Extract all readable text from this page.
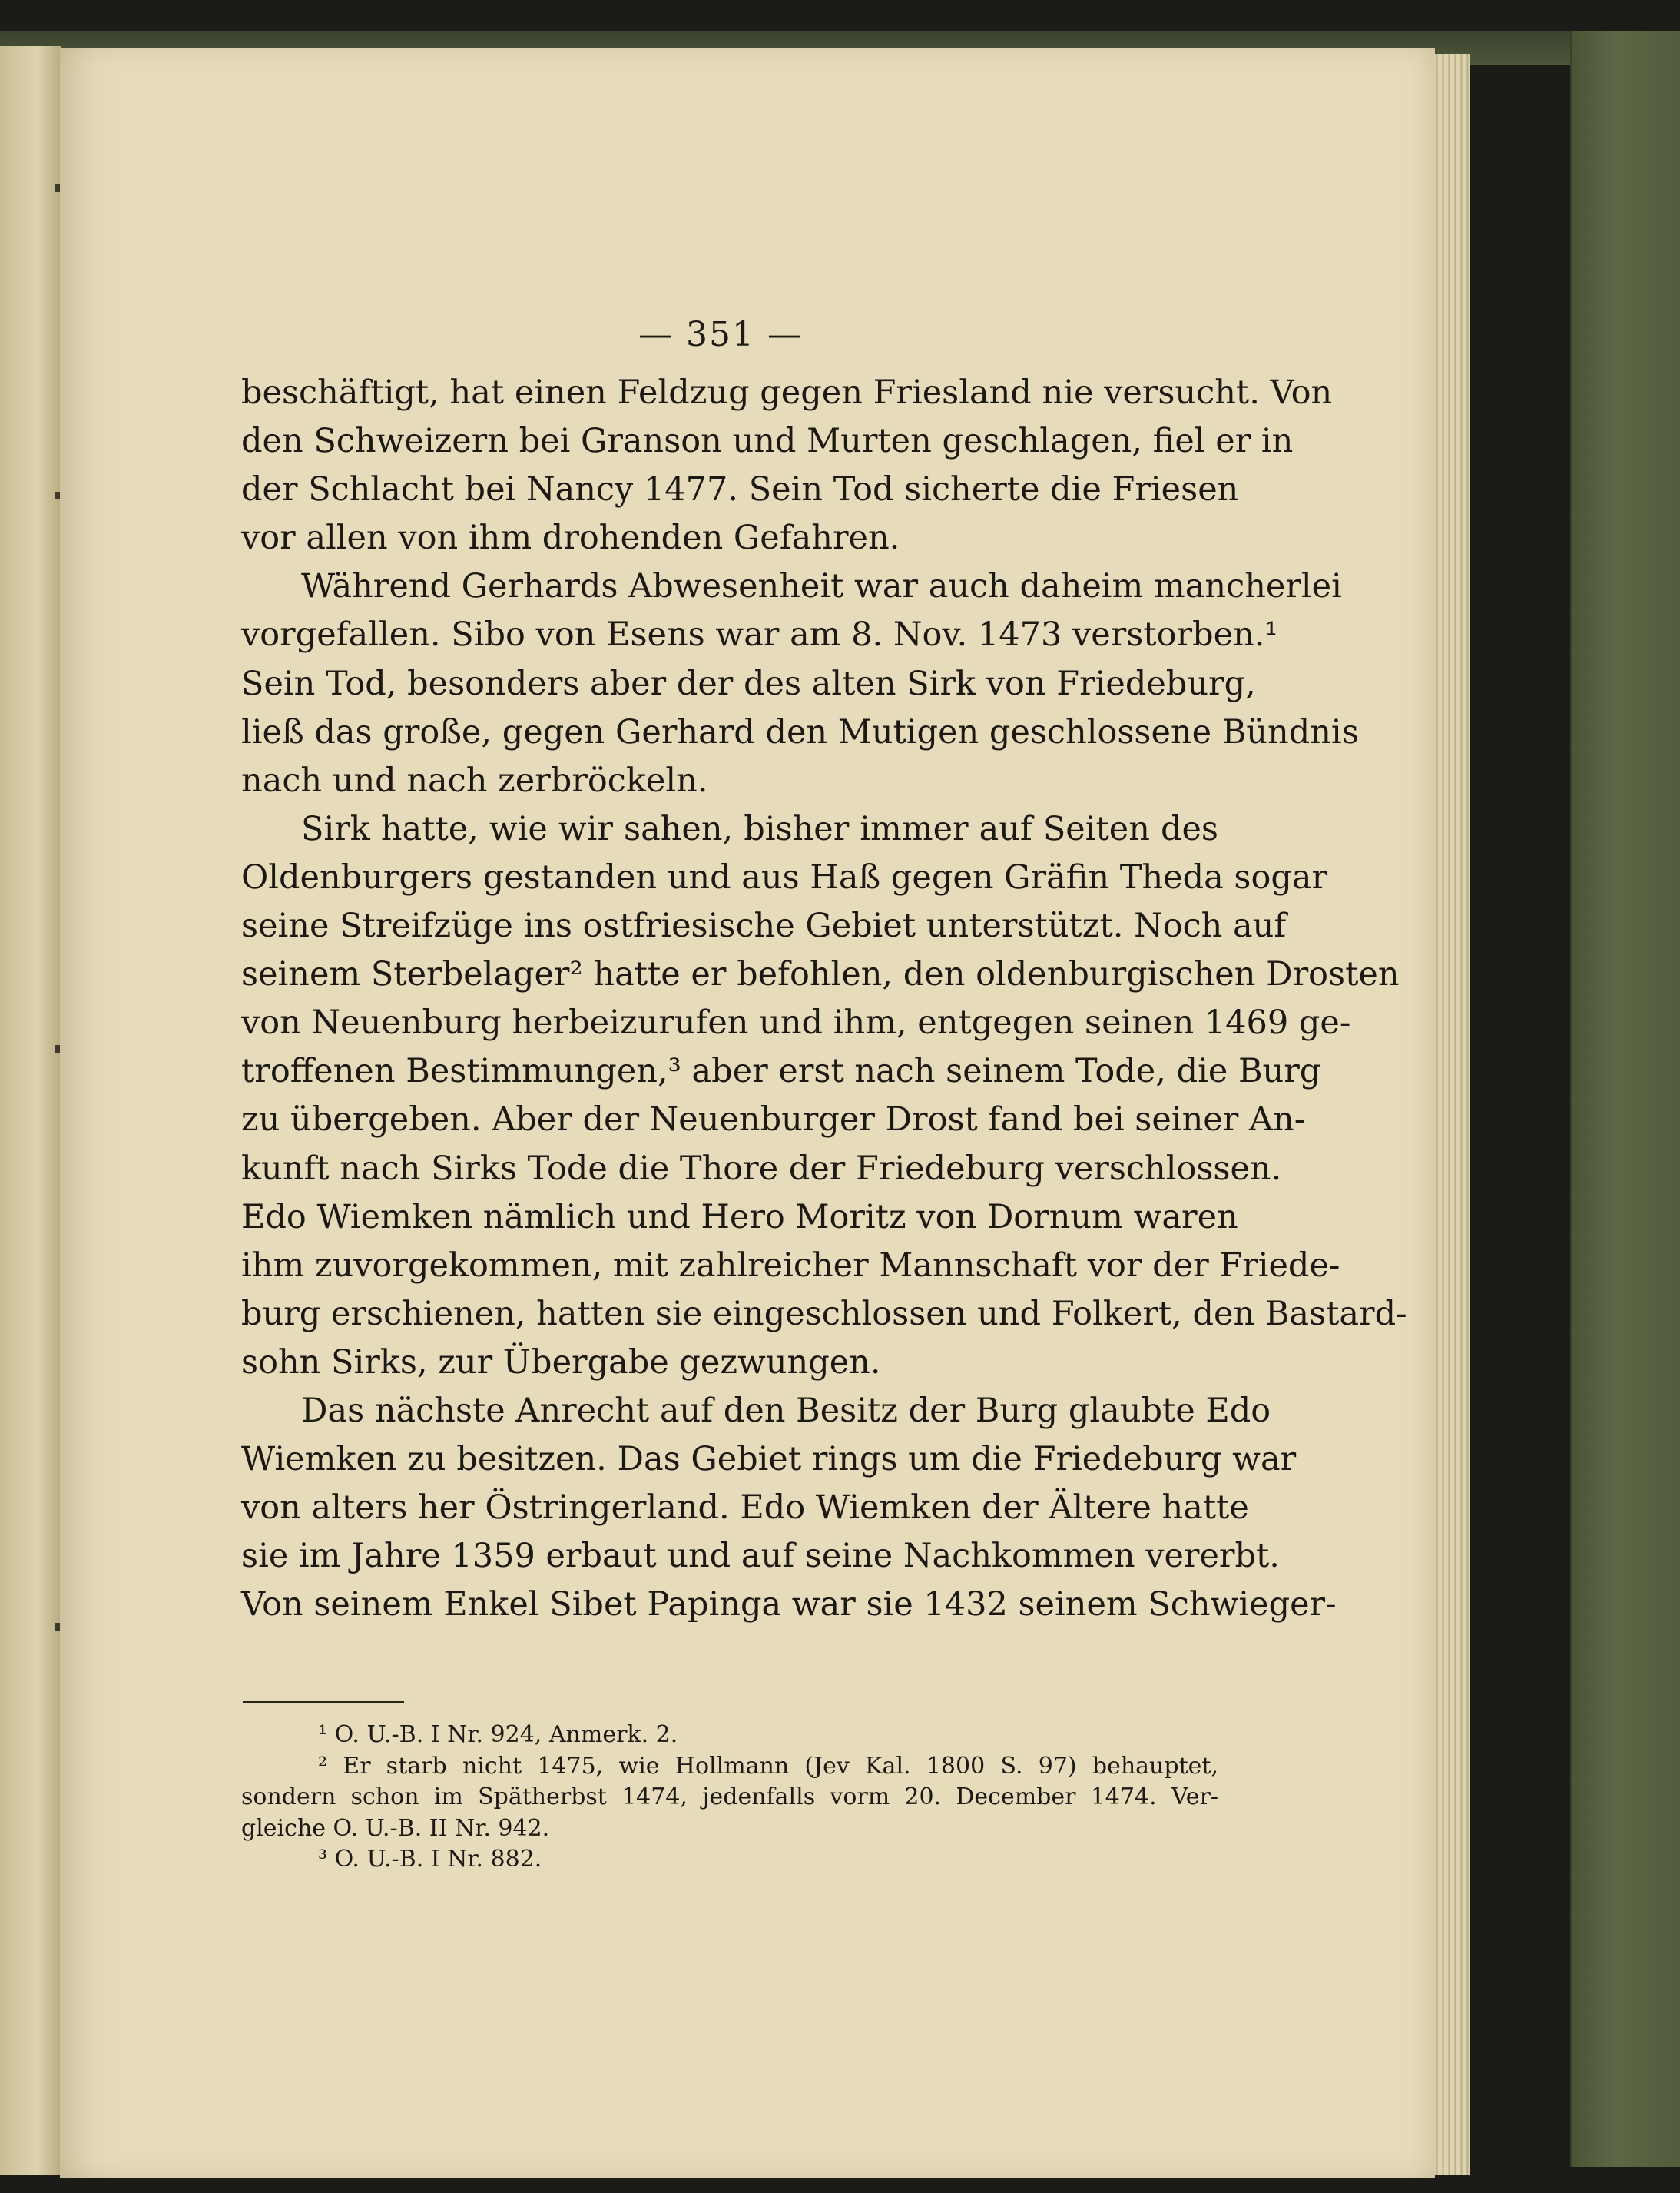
— 351 —
beschäftigt, hat einen Feldzug gegen Friesland nie versucht. Von
den Schweizern bei Granson und Murten geschlagen, fiel er in
der Schlacht bei Nancy 1477. Sein Tod sicherte die Friesen
vor allen von ihm drohenden Gefahren.
Während Gerhards Abwesenheit war auch daheim mancherlei
vorgefallen. Sibo von Esens war am 8. Nov. 1473 verstorben.¹
Sein Tod, besonders aber der des alten Sirk von Friedeburg,
ließ das große, gegen Gerhard den Mutigen geschlossene Bündnis
nach und nach zerbröckeln.
Sirk hatte, wie wir sahen, bisher immer auf Seiten des
Oldenburgers gestanden und aus Haß gegen Gräfin Theda sogar
seine Streifzüge ins ostfriesische Gebiet unterstützt. Noch auf
seinem Sterbelager² hatte er befohlen, den oldenburgischen Drosten
von Neuenburg herbeizurufen und ihm, entgegen seinen 1469 ge-
troffenen Bestimmungen,³ aber erst nach seinem Tode, die Burg
zu übergeben. Aber der Neuenburger Drost fand bei seiner An-
kunft nach Sirks Tode die Thore der Friedeburg verschlossen.
Edo Wiemken nämlich und Hero Moritz von Dornum waren
ihm zuvorgekommen, mit zahlreicher Mannschaft vor der Friede-
burg erschienen, hatten sie eingeschlossen und Folkert, den Bastard-
sohn Sirks, zur Übergabe gezwungen.
Das nächste Anrecht auf den Besitz der Burg glaubte Edo
Wiemken zu besitzen. Das Gebiet rings um die Friedeburg war
von alters her Östringerland. Edo Wiemken der Ältere hatte
sie im Jahre 1359 erbaut und auf seine Nachkommen vererbt.
Von seinem Enkel Sibet Papinga war sie 1432 seinem Schwieger-
¹ O. U.-B. I Nr. 924, Anmerk. 2.
² Er starb nicht 1475, wie Hollmann (Jev Kal. 1800 S. 97) behauptet,
sondern schon im Spätherbst 1474, jedenfalls vorm 20. December 1474. Ver-
gleiche O. U.-B. II Nr. 942.
³ O. U.-B. I Nr. 882.
